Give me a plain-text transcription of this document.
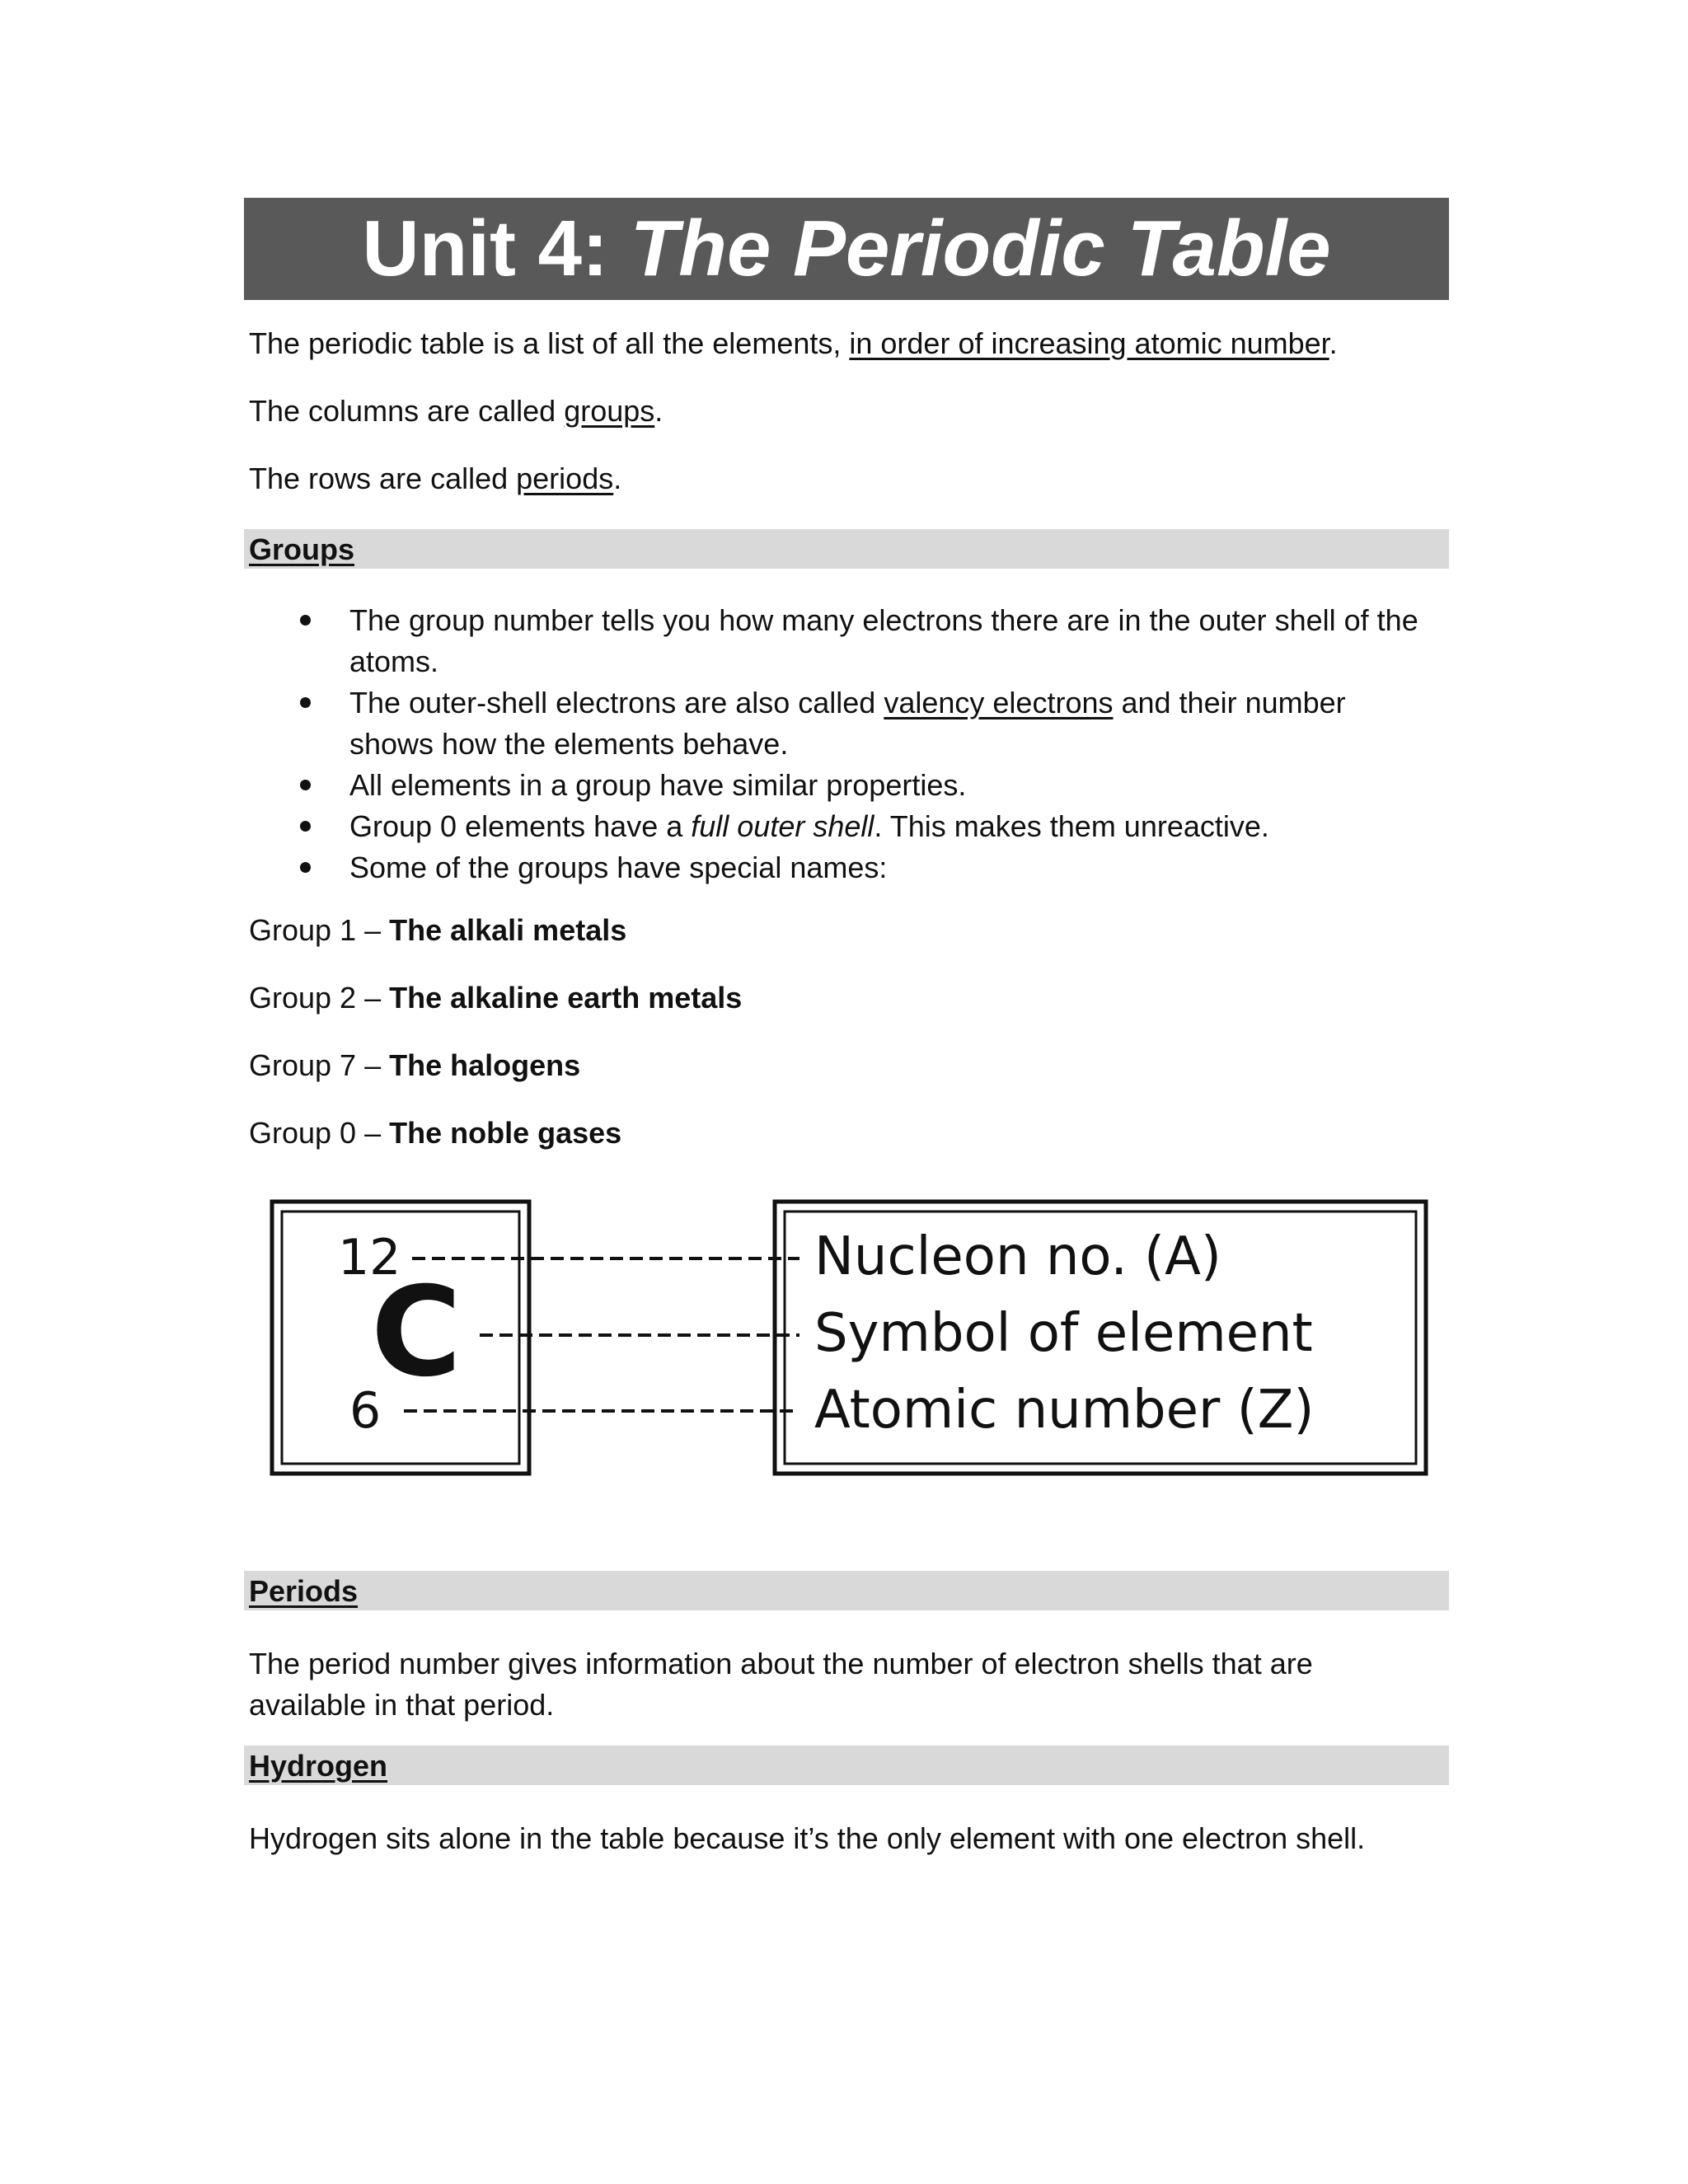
Unit 4: The Periodic Table
The periodic table is a list of all the elements, in order of increasing atomic number.
The columns are called groups.
The rows are called periods.
Groups
The group number tells you how many electrons there are in the outer shell of the atoms.
The outer-shell electrons are also called valency electrons and their number shows how the elements behave.
All elements in a group have similar properties.
Group 0 elements have a full outer shell. This makes them unreactive.
Some of the groups have special names:
Group 1 – The alkali metals
Group 2 – The alkaline earth metals
Group 7 – The halogens
Group 0 – The noble gases
12
C
6
Nucleon no. (A)
Symbol of element
Atomic number (Z)
Periods
The period number gives information about the number of electron shells that are
available in that period.
Hydrogen
Hydrogen sits alone in the table because it’s the only element with one electron shell.
